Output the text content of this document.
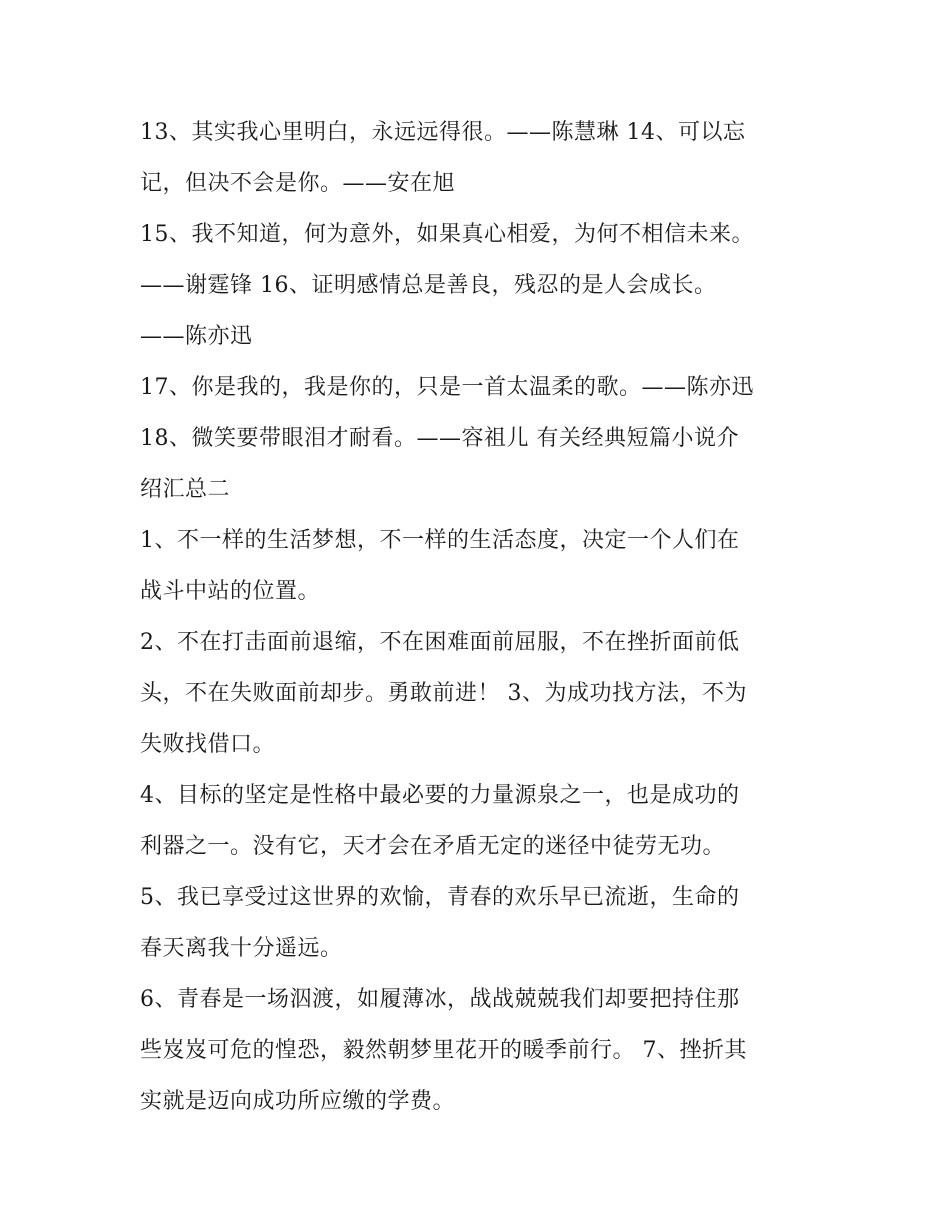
13、其实我心里明白，永远远得很。——陈慧琳 14、可以忘
记，但决不会是你。——安在旭
15、我不知道，何为意外，如果真心相爱，为何不相信未来。
——谢霆锋 16、证明感情总是善良，残忍的是人会成长。
——陈亦迅
17、你是我的，我是你的，只是一首太温柔的歌。——陈亦迅
18、微笑要带眼泪才耐看。——容祖儿 有关经典短篇小说介
绍汇总二
1、不一样的生活梦想，不一样的生活态度，决定一个人们在
战斗中站的位置。
2、不在打击面前退缩，不在困难面前屈服，不在挫折面前低
头，不在失败面前却步。勇敢前进！ 3、为成功找方法，不为
失败找借口。
4、目标的坚定是性格中最必要的力量源泉之一，也是成功的
利器之一。没有它，天才会在矛盾无定的迷径中徒劳无功。
5、我已享受过这世界的欢愉，青春的欢乐早已流逝，生命的
春天离我十分遥远。
6、青春是一场泅渡，如履薄冰，战战兢兢我们却要把持住那
些岌岌可危的惶恐，毅然朝梦里花开的暖季前行。 7、挫折其
实就是迈向成功所应缴的学费。
